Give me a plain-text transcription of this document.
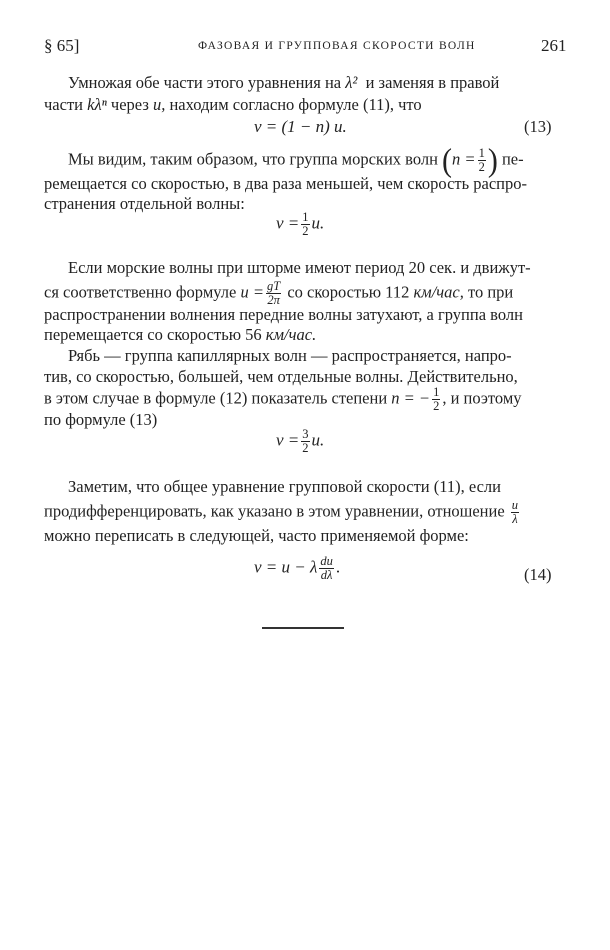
§ 65]	ФАЗОВАЯ И ГРУППОВАЯ СКОРОСТИ ВОЛН	261
Умножая обе части этого уравнения на λ² и заменяя в правой
части kλⁿ через u, находим согласно формуле (11), что
v = (1 − n) u.	(13)
Мы видим, таким образом, что группа морских волн ($n = \frac{1}{2}$ ) пе-
ремещается со скоростью, в два раза меньшей, чем скорость распро-
странения отдельной волны:
$v = \frac{1}{2} u$.
Если морские волны при шторме имеют период 20 сек. и движут-
ся соответственно формуле $u = \frac{gT}{2\pi}$ со скоростью 112 км/час, то при
распространении волнения передние волны затухают, а группа волн
перемещается со скоростью 56 км/час.
Рябь — группа капиллярных волн — распространяется, напро-
тив, со скоростью, большей, чем отдельные волны. Действительно,
в этом случае в формуле (12) показатель степени n = − $\frac{1}{2}$ , и поэтому
по формуле (13)
$v = \frac{3}{2} u$.
Заметим, что общее уравнение групповой скорости (11), если
продифференцировать, как указано в этом уравнении, отношение $\frac{u}{\lambda}$
можно переписать в следующей, часто применяемой форме:
v = u − λ $\frac{du}{d\lambda}$ .	(14)
